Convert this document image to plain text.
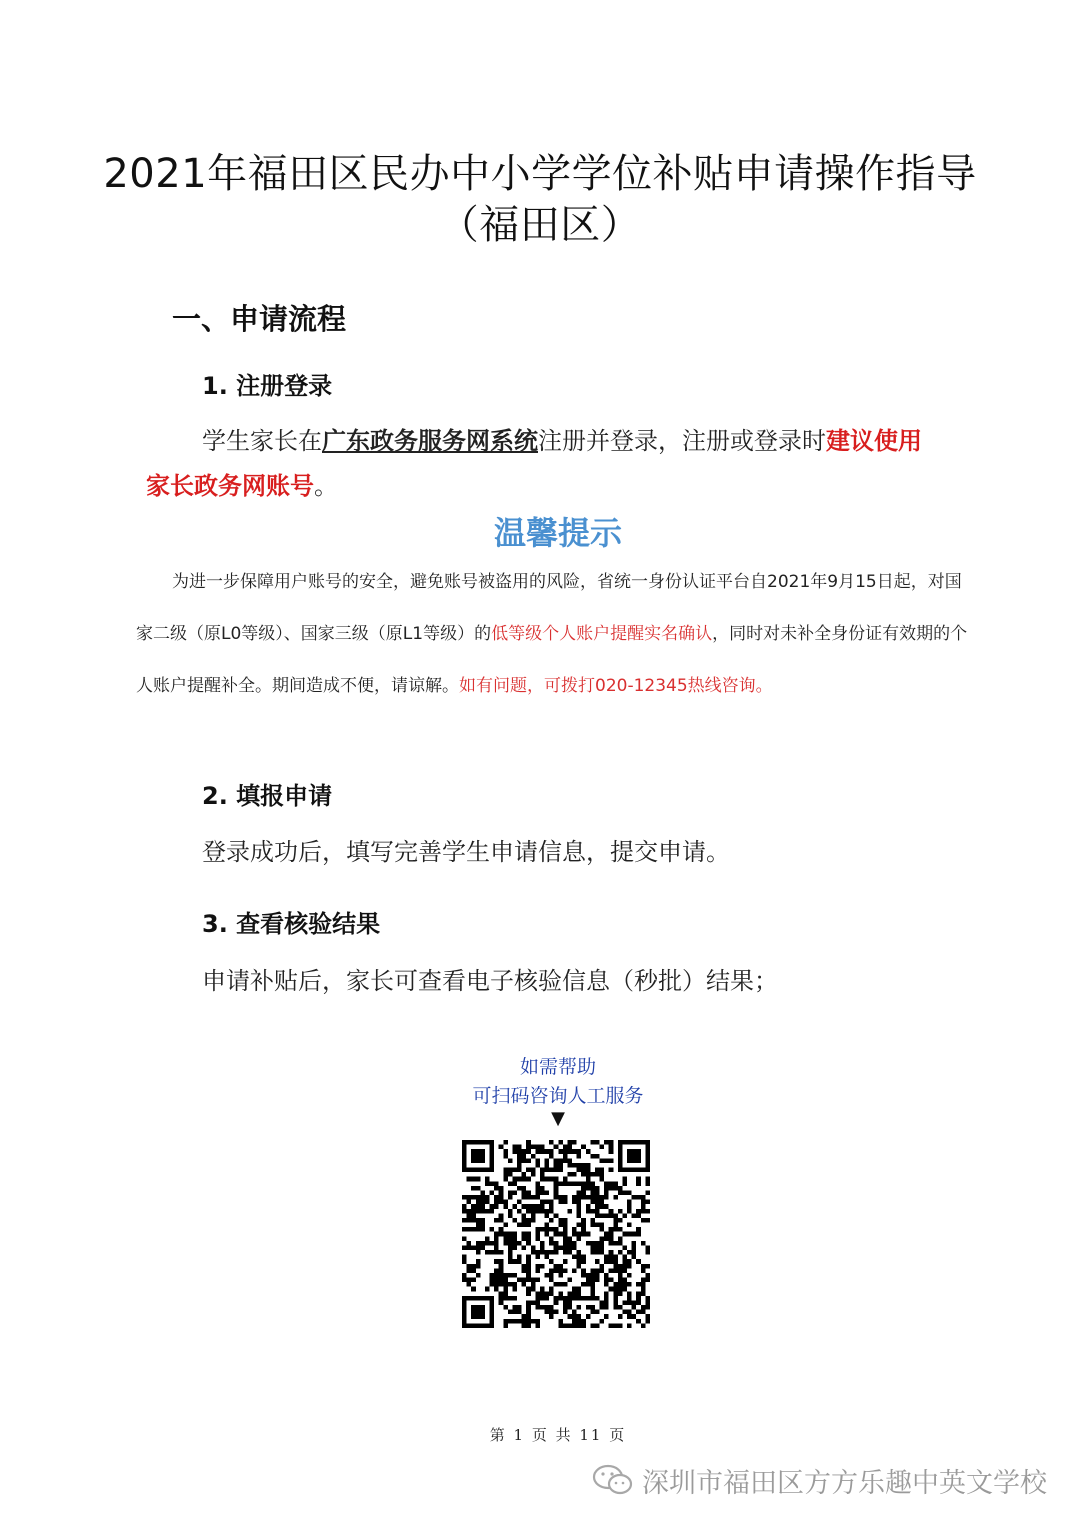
2021年福田区民办中小学学位补贴申请操作指导
（福田区）
一、申请流程
1. 注册登录
学生家长在广东政务服务网系统注册并登录，注册或登录时建议使用
家长政务网账号。
温馨提示
为进一步保障用户账号的安全，避免账号被盗用的风险，省统一身份认证平台自2021年9月15日起，对国家二级（原L0等级）、国家三级（原L1等级）的低等级个人账户提醒实名确认，同时对未补全身份证有效期的个人账户提醒补全。期间造成不便，请谅解。如有问题，可拨打020-12345热线咨询。
2. 填报申请
登录成功后，填写完善学生申请信息，提交申请。
3. 查看核验结果
申请补贴后，家长可查看电子核验信息（秒批）结果；
如需帮助
可扫码咨询人工服务
▼
第 1 页 共 11 页
深圳市福田区方方乐趣中英文学校
